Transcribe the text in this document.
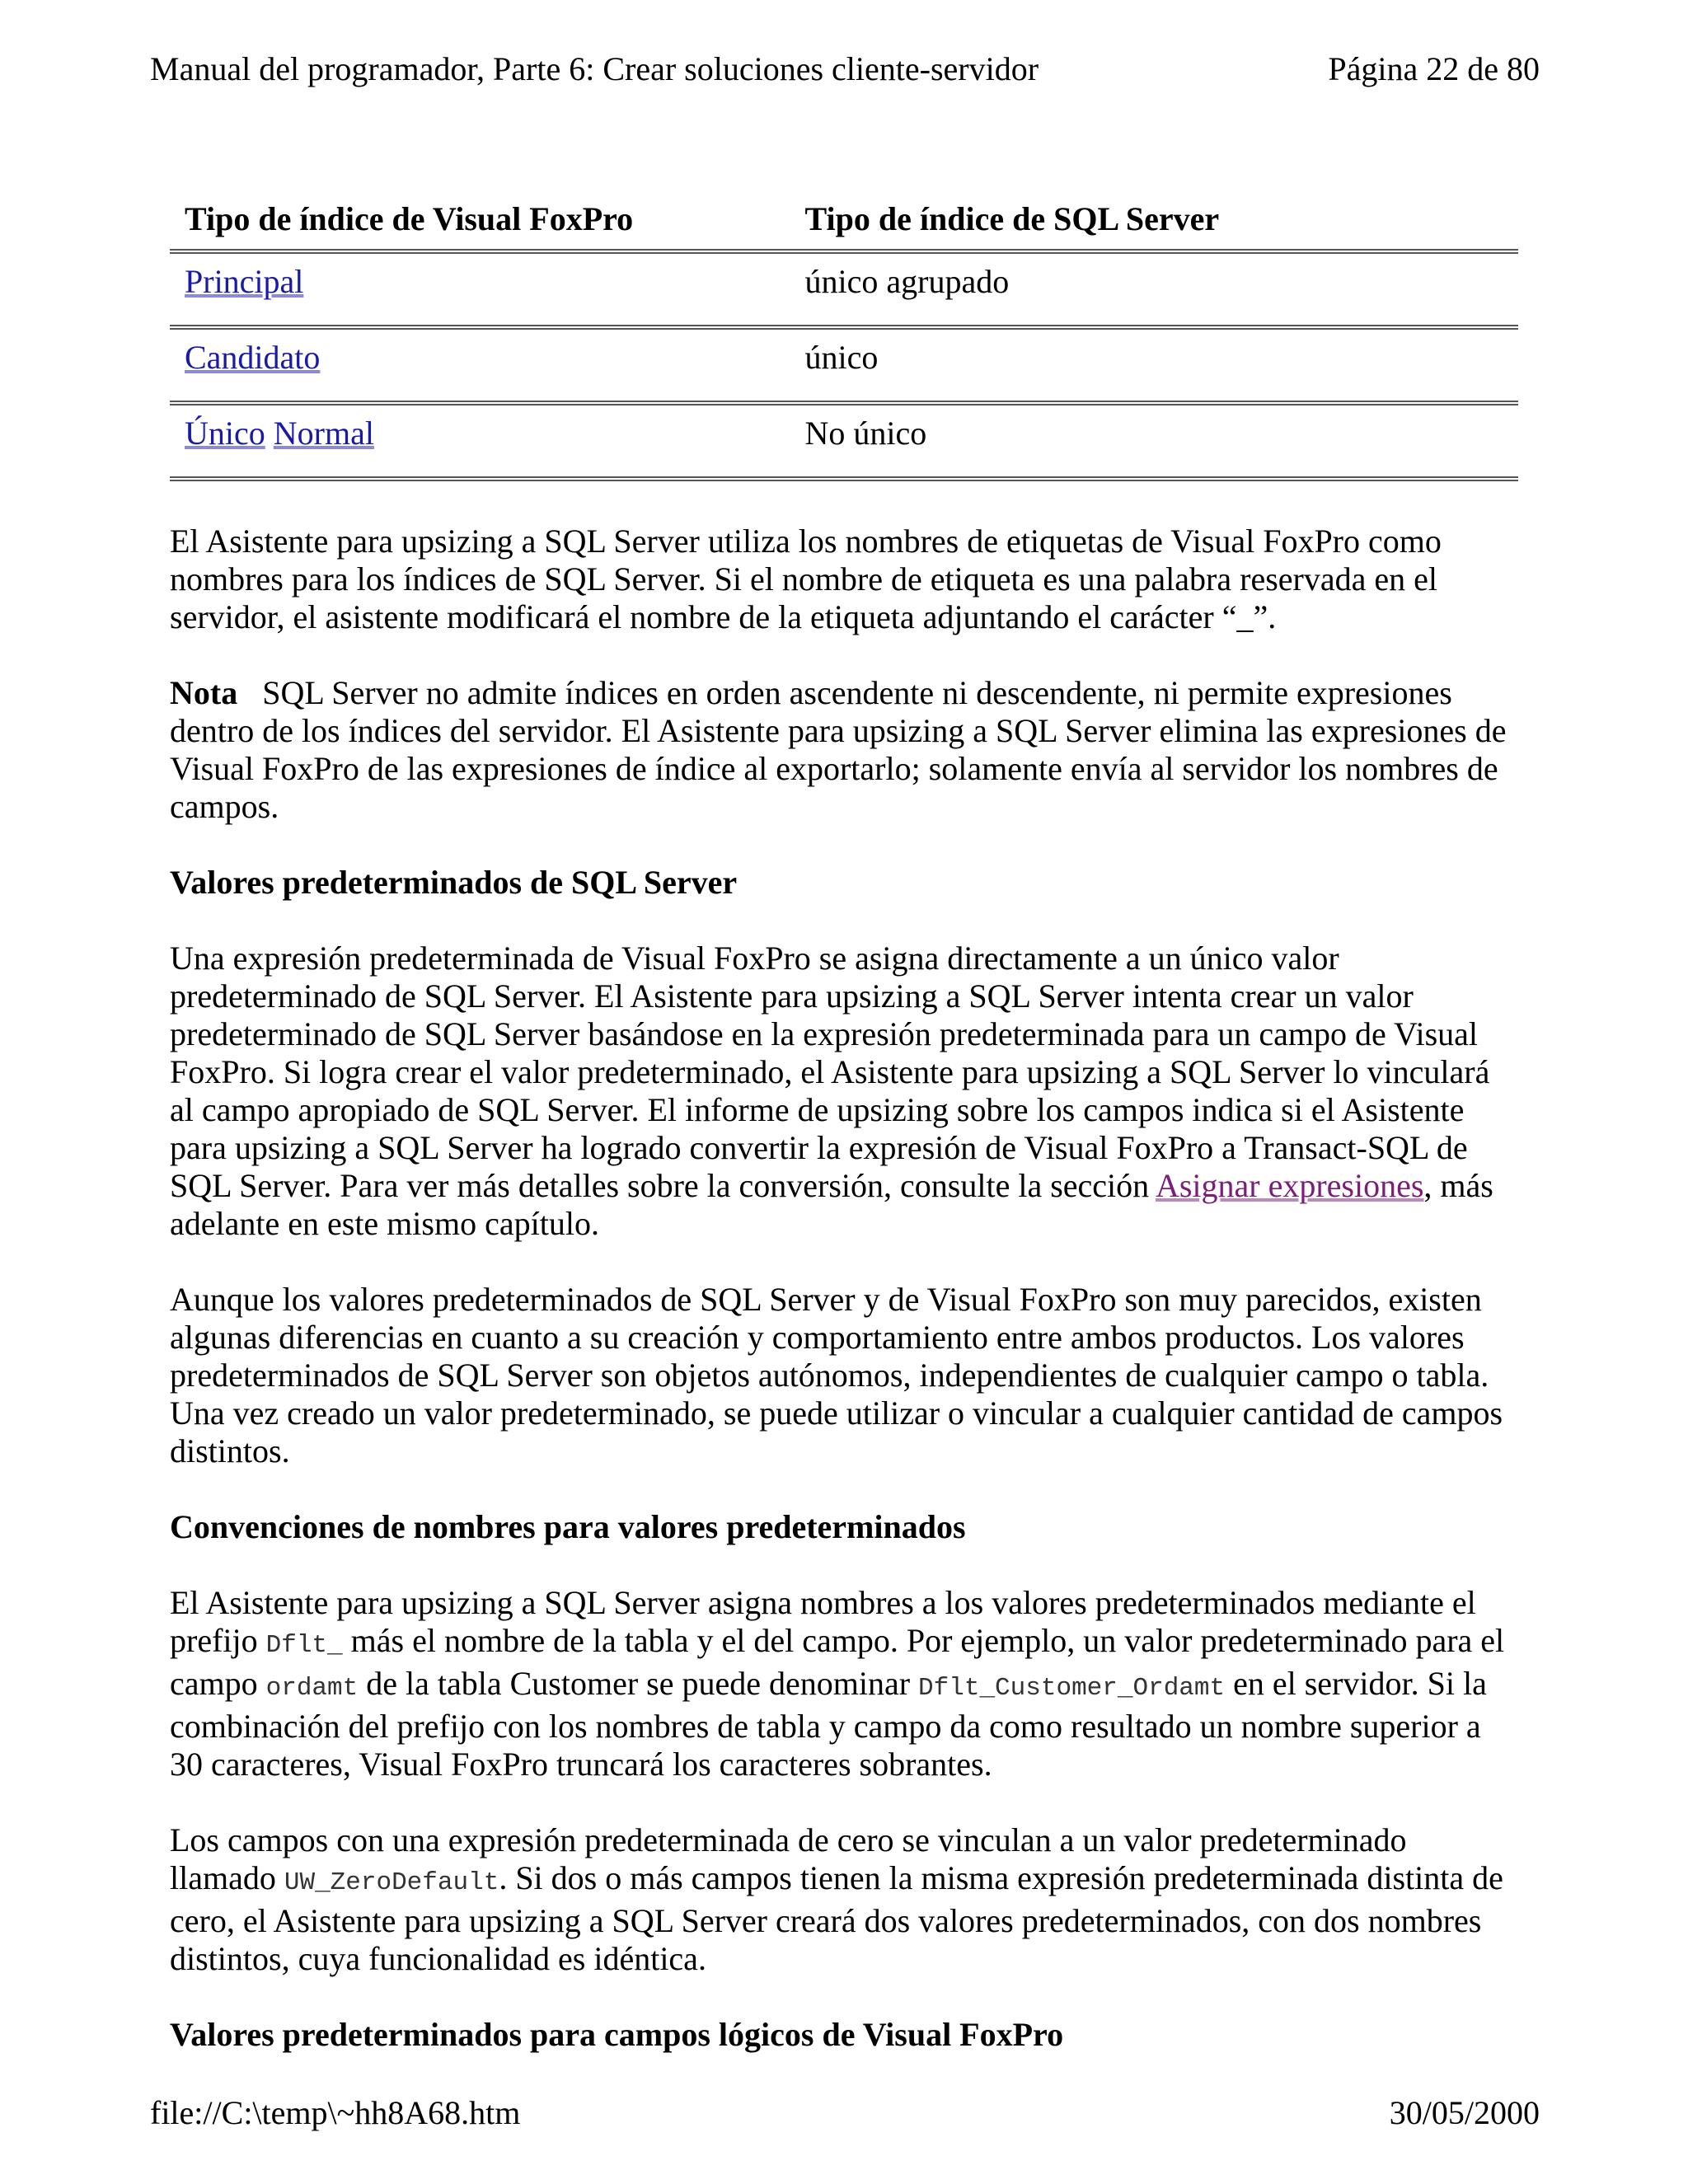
Manual del programador, Parte 6: Crear soluciones cliente-servidor	Página 22 de 80
Tipo de índice de Visual FoxPro	Tipo de índice de SQL Server
Principal	único agrupado
Candidato	único
Único Normal	No único

El Asistente para upsizing a SQL Server utiliza los nombres de etiquetas de Visual FoxPro como nombres para los índices de SQL Server. Si el nombre de etiqueta es una palabra reservada en el servidor, el asistente modificará el nombre de la etiqueta adjuntando el carácter “_”.

Nota SQL Server no admite índices en orden ascendente ni descendente, ni permite expresiones dentro de los índices del servidor. El Asistente para upsizing a SQL Server elimina las expresiones de Visual FoxPro de las expresiones de índice al exportarlo; solamente envía al servidor los nombres de campos.

Valores predeterminados de SQL Server

Una expresión predeterminada de Visual FoxPro se asigna directamente a un único valor predeterminado de SQL Server. El Asistente para upsizing a SQL Server intenta crear un valor predeterminado de SQL Server basándose en la expresión predeterminada para un campo de Visual FoxPro. Si logra crear el valor predeterminado, el Asistente para upsizing a SQL Server lo vinculará al campo apropiado de SQL Server. El informe de upsizing sobre los campos indica si el Asistente para upsizing a SQL Server ha logrado convertir la expresión de Visual FoxPro a Transact-SQL de SQL Server. Para ver más detalles sobre la conversión, consulte la sección Asignar expresiones, más adelante en este mismo capítulo.

Aunque los valores predeterminados de SQL Server y de Visual FoxPro son muy parecidos, existen algunas diferencias en cuanto a su creación y comportamiento entre ambos productos. Los valores predeterminados de SQL Server son objetos autónomos, independientes de cualquier campo o tabla. Una vez creado un valor predeterminado, se puede utilizar o vincular a cualquier cantidad de campos distintos.

Convenciones de nombres para valores predeterminados

El Asistente para upsizing a SQL Server asigna nombres a los valores predeterminados mediante el prefijo Dflt_ más el nombre de la tabla y el del campo. Por ejemplo, un valor predeterminado para el campo ordamt de la tabla Customer se puede denominar Dflt_Customer_Ordamt en el servidor. Si la combinación del prefijo con los nombres de tabla y campo da como resultado un nombre superior a 30 caracteres, Visual FoxPro truncará los caracteres sobrantes.

Los campos con una expresión predeterminada de cero se vinculan a un valor predeterminado llamado UW_ZeroDefault. Si dos o más campos tienen la misma expresión predeterminada distinta de cero, el Asistente para upsizing a SQL Server creará dos valores predeterminados, con dos nombres distintos, cuya funcionalidad es idéntica.

Valores predeterminados para campos lógicos de Visual FoxPro
file://C:\temp\~hh8A68.htm	30/05/2000
